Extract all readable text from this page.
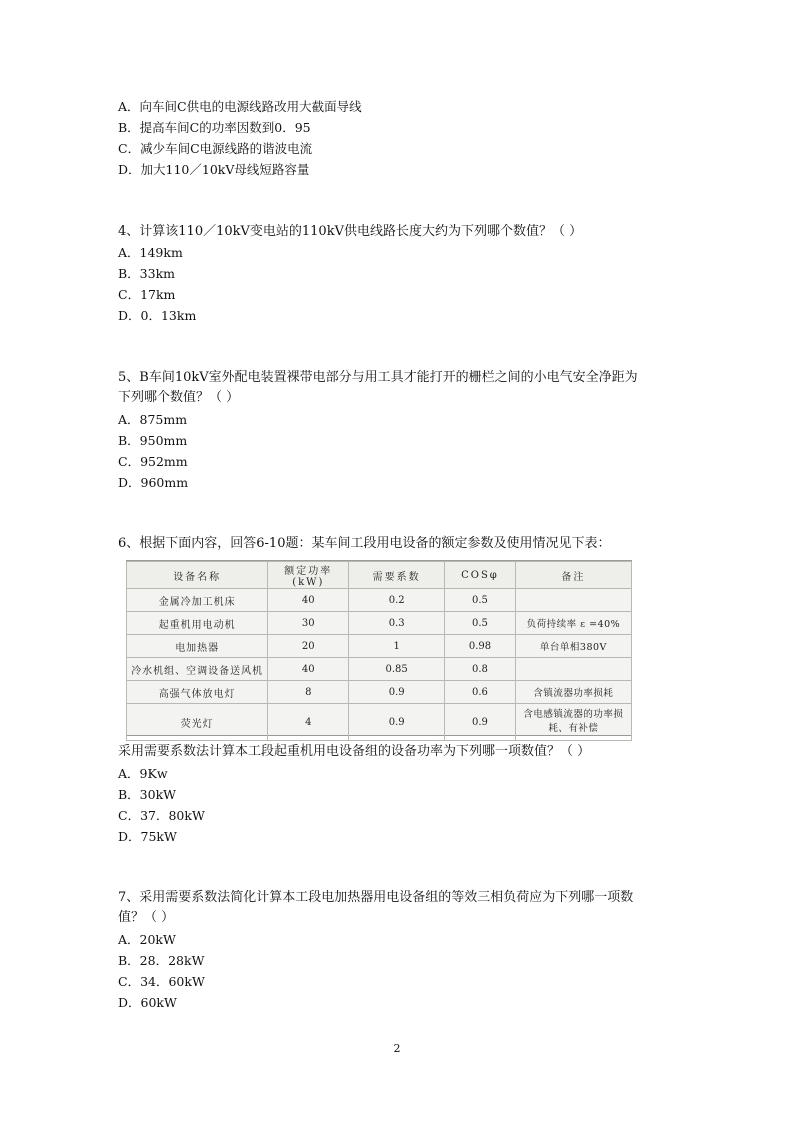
A．向车间C供电的电源线路改用大截面导线
B．提高车间C的功率因数到0．95
C．减少车间C电源线路的谐波电流
D．加大110／10kV母线短路容量
4、计算该110／10kV变电站的110kV供电线路长度大约为下列哪个数值？（ ）
A．149km
B．33km
C．17km
D．0．13km
5、B车间10kV室外配电装置裸带电部分与用工具才能打开的栅栏之间的小电气安全净距为
下列哪个数值？（ ）
A．875mm
B．950mm
C．952mm
D．960mm
6、根据下面内容，回答6-10题：某车间工段用电设备的额定参数及使用情况见下表：
设备名称	额定功率(kW)	需要系数	COSφ	备注
金属冷加工机床	40	0.2	0.5	
起重机用电动机	30	0.3	0.5	负荷持续率 ε =40%
电加热器	20	1	0.98	单台单相380V
冷水机组、空调设备送风机	40	0.85	0.8	
高强气体放电灯	8	0.9	0.6	含镇流器功率损耗
荧光灯	4	0.9	0.9	含电感镇流器的功率损耗、有补偿
采用需要系数法计算本工段起重机用电设备组的设备功率为下列哪一项数值？（ ）
A．9Kw
B．30kW
C．37．80kW
D．75kW
7、采用需要系数法简化计算本工段电加热器用电设备组的等效三相负荷应为下列哪一项数
值？（ ）
A．20kW
B．28．28kW
C．34．60kW
D．60kW
2
